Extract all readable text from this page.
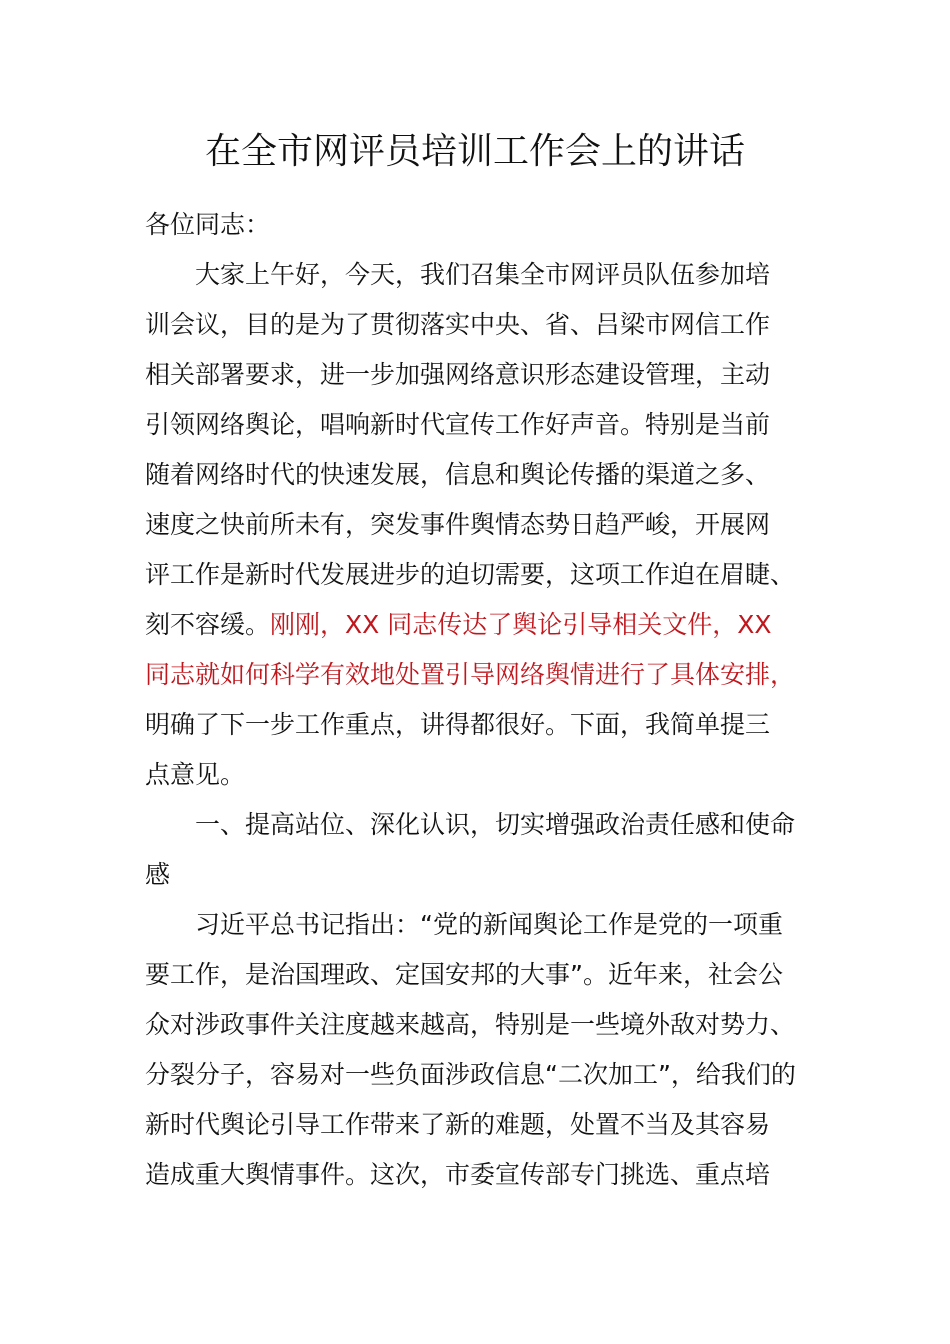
在全市网评员培训工作会上的讲话
各位同志：
大家上午好，今天，我们召集全市网评员队伍参加培
训会议，目的是为了贯彻落实中央、省、吕梁市网信工作
相关部署要求，进一步加强网络意识形态建设管理，主动
引领网络舆论，唱响新时代宣传工作好声音。特别是当前
随着网络时代的快速发展，信息和舆论传播的渠道之多、
速度之快前所未有，突发事件舆情态势日趋严峻，开展网
评工作是新时代发展进步的迫切需要，这项工作迫在眉睫、
刻不容缓。刚刚，XX 同志传达了舆论引导相关文件，XX
同志就如何科学有效地处置引导网络舆情进行了具体安排，
明确了下一步工作重点，讲得都很好。下面，我简单提三
点意见。
一、提高站位、深化认识，切实增强政治责任感和使命
感
习近平总书记指出：“党的新闻舆论工作是党的一项重
要工作，是治国理政、定国安邦的大事”。近年来，社会公
众对涉政事件关注度越来越高，特别是一些境外敌对势力、
分裂分子，容易对一些负面涉政信息“二次加工”，给我们的
新时代舆论引导工作带来了新的难题，处置不当及其容易
造成重大舆情事件。这次，市委宣传部专门挑选、重点培
